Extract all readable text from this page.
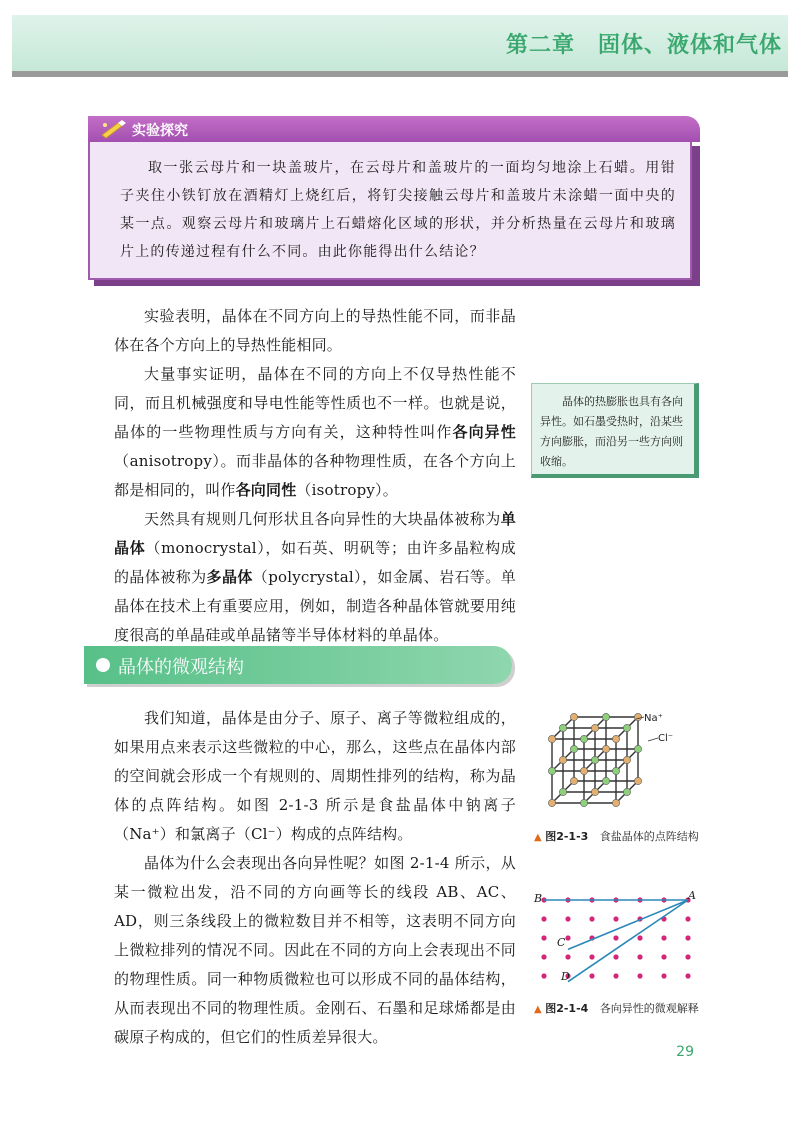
第二章　固体、液体和气体
实验探究
取一张云母片和一块盖玻片，在云母片和盖玻片的一面均匀地涂上石蜡。用钳子夹住小铁钉放在酒精灯上烧红后，将钉尖接触云母片和盖玻片未涂蜡一面中央的某一点。观察云母片和玻璃片上石蜡熔化区域的形状，并分析热量在云母片和玻璃片上的传递过程有什么不同。由此你能得出什么结论？

实验表明，晶体在不同方向上的导热性能不同，而非晶体在各个方向上的导热性能相同。

大量事实证明，晶体在不同的方向上不仅导热性能不同，而且机械强度和导电性能等性质也不一样。也就是说，晶体的一些物理性质与方向有关，这种特性叫作各向异性（anisotropy）。而非晶体的各种物理性质，在各个方向上都是相同的，叫作各向同性（isotropy）。

天然具有规则几何形状且各向异性的大块晶体被称为单晶体（monocrystal），如石英、明矾等；由许多晶粒构成的晶体被称为多晶体（polycrystal），如金属、岩石等。单晶体在技术上有重要应用，例如，制造各种晶体管就要用纯度很高的单晶硅或单晶锗等半导体材料的单晶体。

晶体的热膨胀也具有各向异性。如石墨受热时，沿某些方向膨胀，而沿另一些方向则收缩。
晶体的微观结构

我们知道，晶体是由分子、原子、离子等微粒组成的，如果用点来表示这些微粒的中心，那么，这些点在晶体内部的空间就会形成一个有规则的、周期性排列的结构，称为晶体的点阵结构。如图 2-1-3 所示是食盐晶体中钠离子（Na⁺）和氯离子（Cl⁻）构成的点阵结构。

晶体为什么会表现出各向异性呢？如图 2-1-4 所示，从某一微粒出发，沿不同的方向画等长的线段 AB、AC、AD，则三条线段上的微粒数目并不相等，这表明不同方向上微粒排列的情况不同。因此在不同的方向上会表现出不同的物理性质。同一种物质微粒也可以形成不同的晶体结构，从而表现出不同的物理性质。金刚石、石墨和足球烯都是由碳原子构成的，但它们的性质差异很大。

Na⁺
Cl⁻
▲ 图2-1-3 食盐晶体的点阵结构
B	A
C
D
▲ 图2-1-4 各向异性的微观解释
29
